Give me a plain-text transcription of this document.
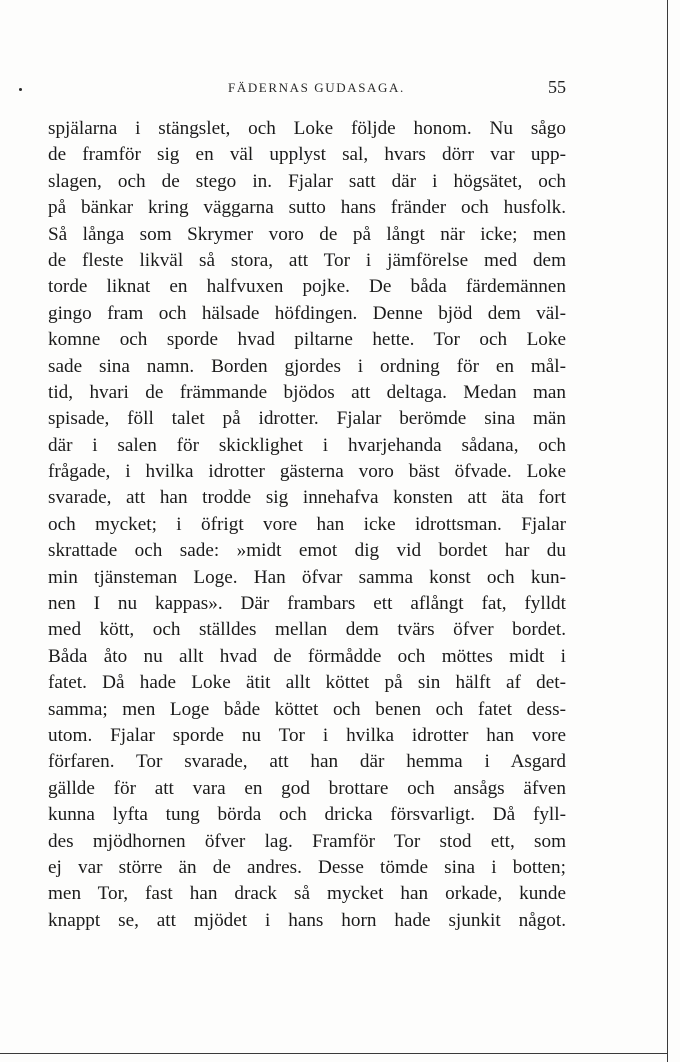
FÄDERNAS GUDASAGA.	55
spjälarna i stängslet, och Loke följde honom. Nu sågo
de framför sig en väl upplyst sal, hvars dörr var upp-
slagen, och de stego in. Fjalar satt där i högsätet, och
på bänkar kring väggarna sutto hans fränder och husfolk.
Så långa som Skrymer voro de på långt när icke; men
de fleste likväl så stora, att Tor i jämförelse med dem
torde liknat en halfvuxen pojke. De båda färdemännen
gingo fram och hälsade höfdingen. Denne bjöd dem väl-
komne och sporde hvad piltarne hette. Tor och Loke
sade sina namn. Borden gjordes i ordning för en mål-
tid, hvari de främmande bjödos att deltaga. Medan man
spisade, föll talet på idrotter. Fjalar berömde sina män
där i salen för skicklighet i hvarjehanda sådana, och
frågade, i hvilka idrotter gästerna voro bäst öfvade. Loke
svarade, att han trodde sig innehafva konsten att äta fort
och mycket; i öfrigt vore han icke idrottsman. Fjalar
skrattade och sade: »midt emot dig vid bordet har du
min tjänsteman Loge. Han öfvar samma konst och kun-
nen I nu kappas». Där frambars ett aflångt fat, fylldt
med kött, och ställdes mellan dem tvärs öfver bordet.
Båda åto nu allt hvad de förmådde och möttes midt i
fatet. Då hade Loke ätit allt köttet på sin hälft af det-
samma; men Loge både köttet och benen och fatet dess-
utom. Fjalar sporde nu Tor i hvilka idrotter han vore
förfaren. Tor svarade, att han där hemma i Asgard
gällde för att vara en god brottare och ansågs äfven
kunna lyfta tung börda och dricka försvarligt. Då fyll-
des mjödhornen öfver lag. Framför Tor stod ett, som
ej var större än de andres. Desse tömde sina i botten;
men Tor, fast han drack så mycket han orkade, kunde
knappt se, att mjödet i hans horn hade sjunkit något.
